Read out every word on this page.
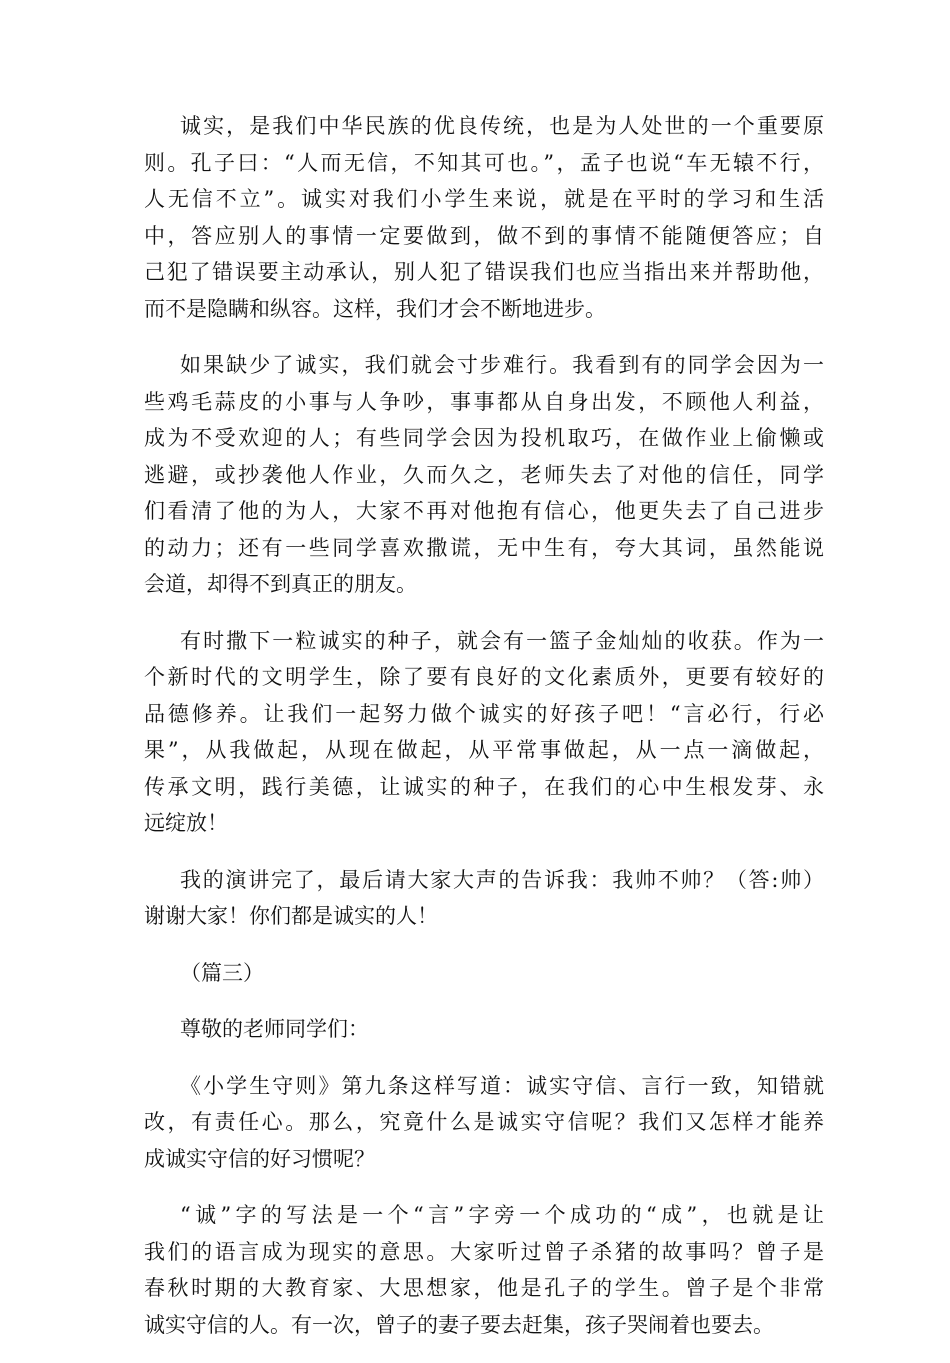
诚实，是我们中华民族的优良传统，也是为人处世的一个重要原
则。孔子曰：“人而无信，不知其可也。”，孟子也说“车无辕不行，
人无信不立”。诚实对我们小学生来说，就是在平时的学习和生活
中，答应别人的事情一定要做到，做不到的事情不能随便答应；自
己犯了错误要主动承认，别人犯了错误我们也应当指出来并帮助他，
而不是隐瞒和纵容。这样，我们才会不断地进步。
如果缺少了诚实，我们就会寸步难行。我看到有的同学会因为一
些鸡毛蒜皮的小事与人争吵，事事都从自身出发，不顾他人利益，
成为不受欢迎的人；有些同学会因为投机取巧，在做作业上偷懒或
逃避，或抄袭他人作业，久而久之，老师失去了对他的信任，同学
们看清了他的为人，大家不再对他抱有信心，他更失去了自己进步
的动力；还有一些同学喜欢撒谎，无中生有，夸大其词，虽然能说
会道，却得不到真正的朋友。
有时撒下一粒诚实的种子，就会有一篮子金灿灿的收获。作为一
个新时代的文明学生，除了要有良好的文化素质外，更要有较好的
品德修养。让我们一起努力做个诚实的好孩子吧！“言必行，行必
果”，从我做起，从现在做起，从平常事做起，从一点一滴做起，
传承文明，践行美德，让诚实的种子，在我们的心中生根发芽、永
远绽放！
我的演讲完了，最后请大家大声的告诉我：我帅不帅？（答:帅）
谢谢大家！你们都是诚实的人！
（篇三）
尊敬的老师同学们：
《小学生守则》第九条这样写道：诚实守信、言行一致，知错就
改，有责任心。那么，究竟什么是诚实守信呢？我们又怎样才能养
成诚实守信的好习惯呢？
“诚”字的写法是一个“言”字旁一个成功的“成”，也就是让
我们的语言成为现实的意思。大家听过曾子杀猪的故事吗？曾子是
春秋时期的大教育家、大思想家，他是孔子的学生。曾子是个非常
诚实守信的人。有一次，曾子的妻子要去赶集，孩子哭闹着也要去。
